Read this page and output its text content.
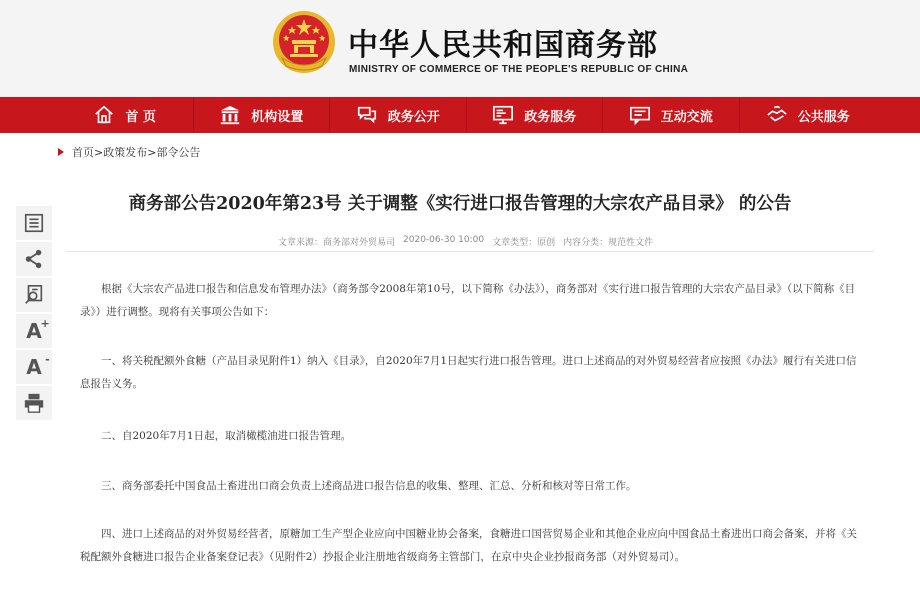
中华人民共和国商务部
MINISTRY OF COMMERCE OF THE PEOPLE'S REPUBLIC OF CHINA
首 页	机构设置	政务公开	政务服务	互动交流	公共服务
首页 > 政策发布 > 部令公告
A
+
A -
商务部公告2020年第23号 关于调整《实行进口报告管理的大宗农产品目录》 的公告
文章来源：商务部对外贸易司 2020-06-30 10:00 文章类型：原创 内容分类：规范性文件
根据《大宗农产品进口报告和信息发布管理办法》（商务部令2008年第10号，以下简称《办法》），商务部对《实行进口报告管理的大宗农产品目录》（以下简称《目录》）进行调整。现将有关事项公告如下：
一、将关税配额外食糖（产品目录见附件1）纳入《目录》，自2020年7月1日起实行进口报告管理。进口上述商品的对外贸易经营者应按照《办法》履行有关进口信息报告义务。
二、自2020年7月1日起，取消橄榄油进口报告管理。
三、商务部委托中国食品土畜进出口商会负责上述商品进口报告信息的收集、整理、汇总、分析和核对等日常工作。
四、进口上述商品的对外贸易经营者，原糖加工生产型企业应向中国糖业协会备案，食糖进口国营贸易企业和其他企业应向中国食品土畜进出口商会备案，并将《关税配额外食糖进口报告企业备案登记表》（见附件2）抄报企业注册地省级商务主管部门，在京中央企业抄报商务部（对外贸易司）。
